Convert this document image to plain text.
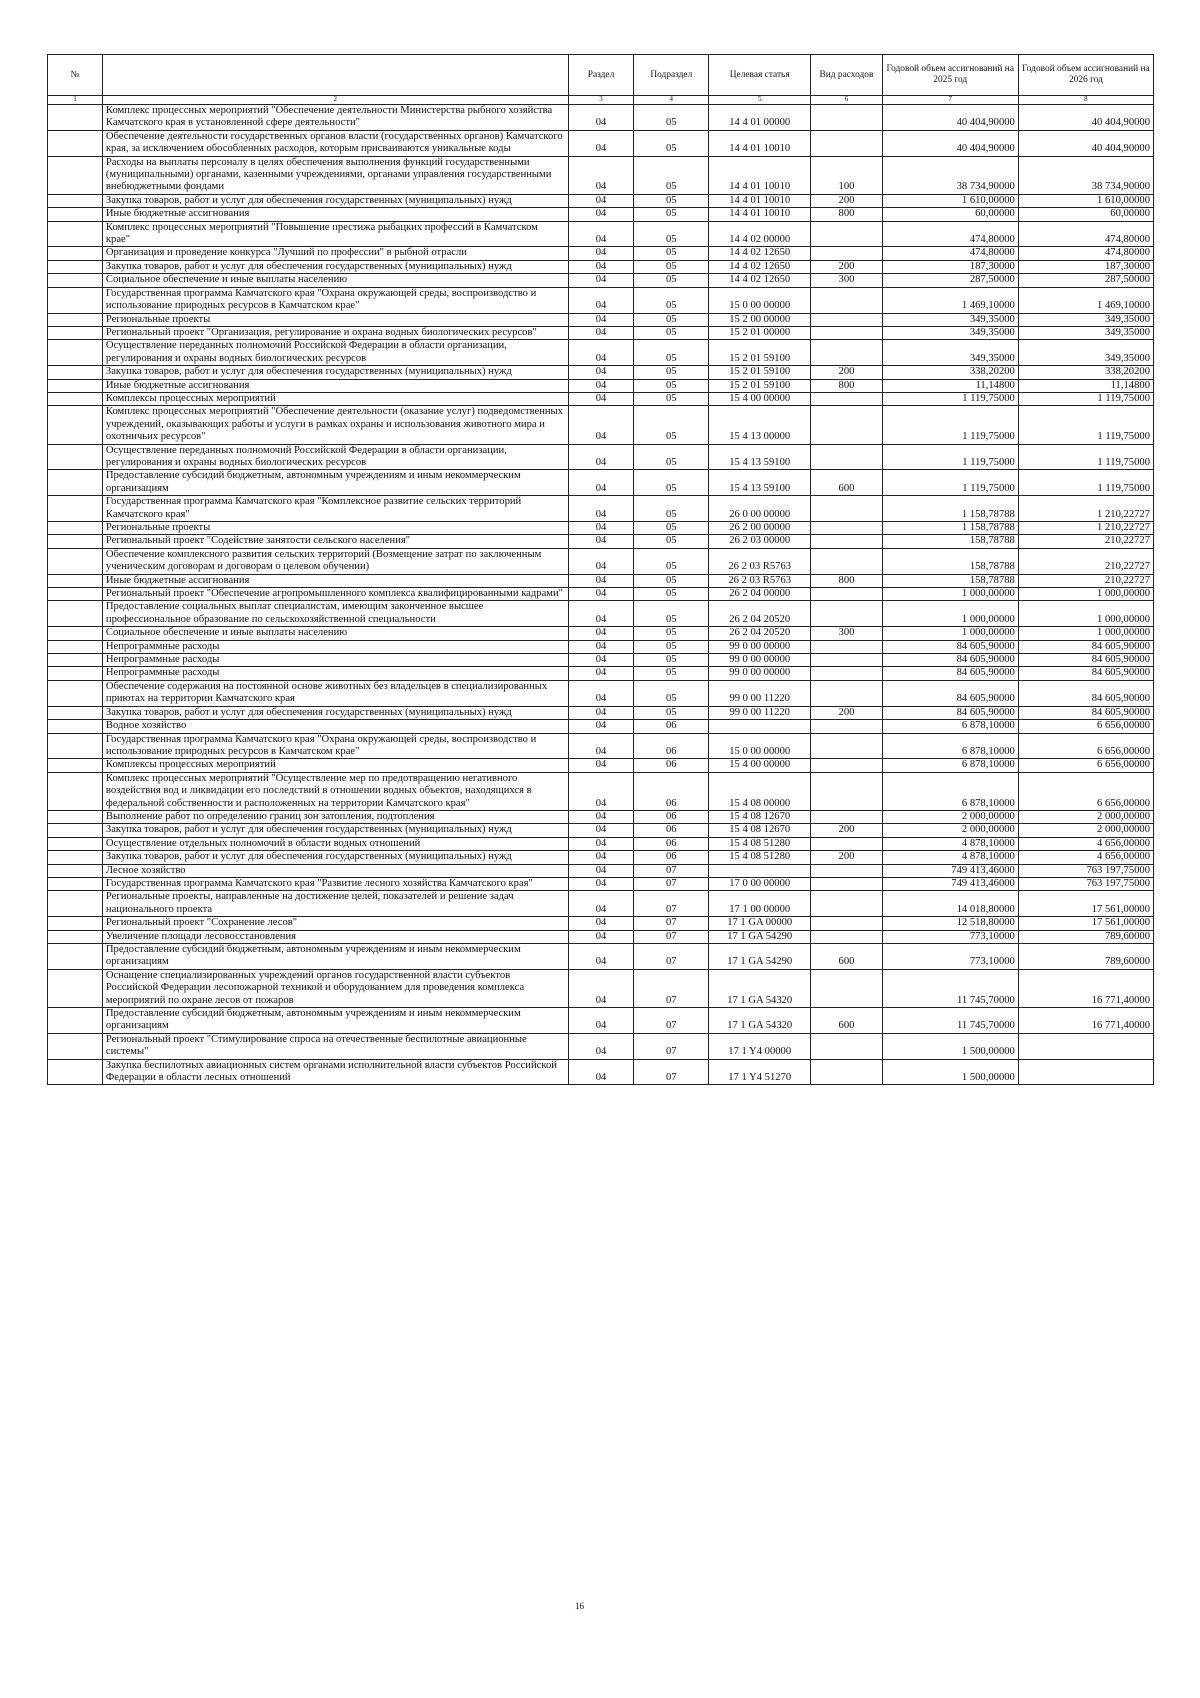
№		Раздел	Подраздел	Целевая статья	Вид расходов	Годовой объем ассигнований на 2025 год	Годовой объем ассигнований на 2026 год
1	2	3	4	5	6	7	8
	Комплекс процессных мероприятий "Обеспечение деятельности Министерства рыбного хозяйства Камчатского края в установленной сфере деятельности"	04	05	14 4 01 00000		40 404,90000	40 404,90000
	Обеспечение деятельности государственных органов власти (государственных органов) Камчатского края, за исключением обособленных расходов, которым присваиваются уникальные коды	04	05	14 4 01 10010		40 404,90000	40 404,90000
	Расходы на выплаты персоналу в целях обеспечения выполнения функций государственными (муниципальными) органами, казенными учреждениями, органами управления государственными внебюджетными фондами	04	05	14 4 01 10010	100	38 734,90000	38 734,90000
	Закупка товаров, работ и услуг для обеспечения государственных (муниципальных) нужд	04	05	14 4 01 10010	200	1 610,00000	1 610,00000
	Иные бюджетные ассигнования	04	05	14 4 01 10010	800	60,00000	60,00000
	Комплекс процессных мероприятий "Повышение престижа рыбацких профессий в Камчатском крае"	04	05	14 4 02 00000		474,80000	474,80000
	Организация и проведение конкурса "Лучший по профессии" в рыбной отрасли	04	05	14 4 02 12650		474,80000	474,80000
	Закупка товаров, работ и услуг для обеспечения государственных (муниципальных) нужд	04	05	14 4 02 12650	200	187,30000	187,30000
	Социальное обеспечение и иные выплаты населению	04	05	14 4 02 12650	300	287,50000	287,50000
	Государственная программа Камчатского края "Охрана окружающей среды, воспроизводство и использование природных ресурсов в Камчатском крае"	04	05	15 0 00 00000		1 469,10000	1 469,10000
	Региональные проекты	04	05	15 2 00 00000		349,35000	349,35000
	Региональный проект "Организация, регулирование и охрана водных биологических ресурсов"	04	05	15 2 01 00000		349,35000	349,35000
	Осуществление переданных полномочий Российской Федерации в области организации, регулирования и охраны водных биологических ресурсов	04	05	15 2 01 59100		349,35000	349,35000
	Закупка товаров, работ и услуг для обеспечения государственных (муниципальных) нужд	04	05	15 2 01 59100	200	338,20200	338,20200
	Иные бюджетные ассигнования	04	05	15 2 01 59100	800	11,14800	11,14800
	Комплексы процессных мероприятий	04	05	15 4 00 00000		1 119,75000	1 119,75000
	Комплекс процессных мероприятий "Обеспечение деятельности (оказание услуг) подведомственных учреждений, оказывающих работы и услуги в рамках охраны и использования животного мира и охотничьих ресурсов"	04	05	15 4 13 00000		1 119,75000	1 119,75000
	Осуществление переданных полномочий Российской Федерации в области организации, регулирования и охраны водных биологических ресурсов	04	05	15 4 13 59100		1 119,75000	1 119,75000
	Предоставление субсидий бюджетным, автономным учреждениям и иным некоммерческим организациям	04	05	15 4 13 59100	600	1 119,75000	1 119,75000
	Государственная программа Камчатского края "Комплексное развитие сельских территорий Камчатского края"	04	05	26 0 00 00000		1 158,78788	1 210,22727
	Региональные проекты	04	05	26 2 00 00000		1 158,78788	1 210,22727
	Региональный проект "Содействие занятости сельского населения"	04	05	26 2 03 00000		158,78788	210,22727
	Обеспечение комплексного развития сельских территорий (Возмещение затрат по заключенным ученическим договорам и договорам о целевом обучении)	04	05	26 2 03 R5763		158,78788	210,22727
	Иные бюджетные ассигнования	04	05	26 2 03 R5763	800	158,78788	210,22727
	Региональный проект "Обеспечение агропромышленного комплекса квалифицированными кадрами"	04	05	26 2 04 00000		1 000,00000	1 000,00000
	Предоставление социальных выплат специалистам, имеющим законченное высшее профессиональное образование по сельскохозяйственной специальности	04	05	26 2 04 20520		1 000,00000	1 000,00000
	Социальное обеспечение и иные выплаты населению	04	05	26 2 04 20520	300	1 000,00000	1 000,00000
	Непрограммные расходы	04	05	99 0 00 00000		84 605,90000	84 605,90000
	Непрограммные расходы	04	05	99 0 00 00000		84 605,90000	84 605,90000
	Непрограммные расходы	04	05	99 0 00 00000		84 605,90000	84 605,90000
	Обеспечение содержания на постоянной основе животных без владельцев в специализированных приютах на территории Камчатского края	04	05	99 0 00 11220		84 605,90000	84 605,90000
	Закупка товаров, работ и услуг для обеспечения государственных (муниципальных) нужд	04	05	99 0 00 11220	200	84 605,90000	84 605,90000
	Водное хозяйство	04	06			6 878,10000	6 656,00000
	Государственная программа Камчатского края "Охрана окружающей среды, воспроизводство и использование природных ресурсов в Камчатском крае"	04	06	15 0 00 00000		6 878,10000	6 656,00000
	Комплексы процессных мероприятий	04	06	15 4 00 00000		6 878,10000	6 656,00000
	Комплекс процессных мероприятий "Осуществление мер по предотвращению негативного воздействия вод и ликвидации его последствий в отношении водных объектов, находящихся в федеральной собственности и расположенных на территории Камчатского края"	04	06	15 4 08 00000		6 878,10000	6 656,00000
	Выполнение работ по определению границ зон затопления, подтопления	04	06	15 4 08 12670		2 000,00000	2 000,00000
	Закупка товаров, работ и услуг для обеспечения государственных (муниципальных) нужд	04	06	15 4 08 12670	200	2 000,00000	2 000,00000
	Осуществление отдельных полномочий в области водных отношений	04	06	15 4 08 51280		4 878,10000	4 656,00000
	Закупка товаров, работ и услуг для обеспечения государственных (муниципальных) нужд	04	06	15 4 08 51280	200	4 878,10000	4 656,00000
	Лесное хозяйство	04	07			749 413,46000	763 197,75000
	Государственная программа Камчатского края "Развитие лесного хозяйства Камчатского края"	04	07	17 0 00 00000		749 413,46000	763 197,75000
	Региональные проекты, направленные на достижение целей, показателей и решение задач национального проекта	04	07	17 1 00 00000		14 018,80000	17 561,00000
	Региональный проект "Сохранение лесов"	04	07	17 1 GA 00000		12 518,80000	17 561,00000
	Увеличение площади лесовосстановления	04	07	17 1 GA 54290		773,10000	789,60000
	Предоставление субсидий бюджетным, автономным учреждениям и иным некоммерческим организациям	04	07	17 1 GA 54290	600	773,10000	789,60000
	Оснащение специализированных учреждений органов государственной власти субъектов Российской Федерации лесопожарной техникой и оборудованием для проведения комплекса мероприятий по охране лесов от пожаров	04	07	17 1 GA 54320		11 745,70000	16 771,40000
	Предоставление субсидий бюджетным, автономным учреждениям и иным некоммерческим организациям	04	07	17 1 GA 54320	600	11 745,70000	16 771,40000
	Региональный проект "Стимулирование спроса на отечественные беспилотные авиационные системы"	04	07	17 1 Y4 00000		1 500,00000	
	Закупка беспилотных авиационных систем органами исполнительной власти субъектов Российской Федерации в области лесных отношений	04	07	17 1 Y4 51270		1 500,00000	
16
